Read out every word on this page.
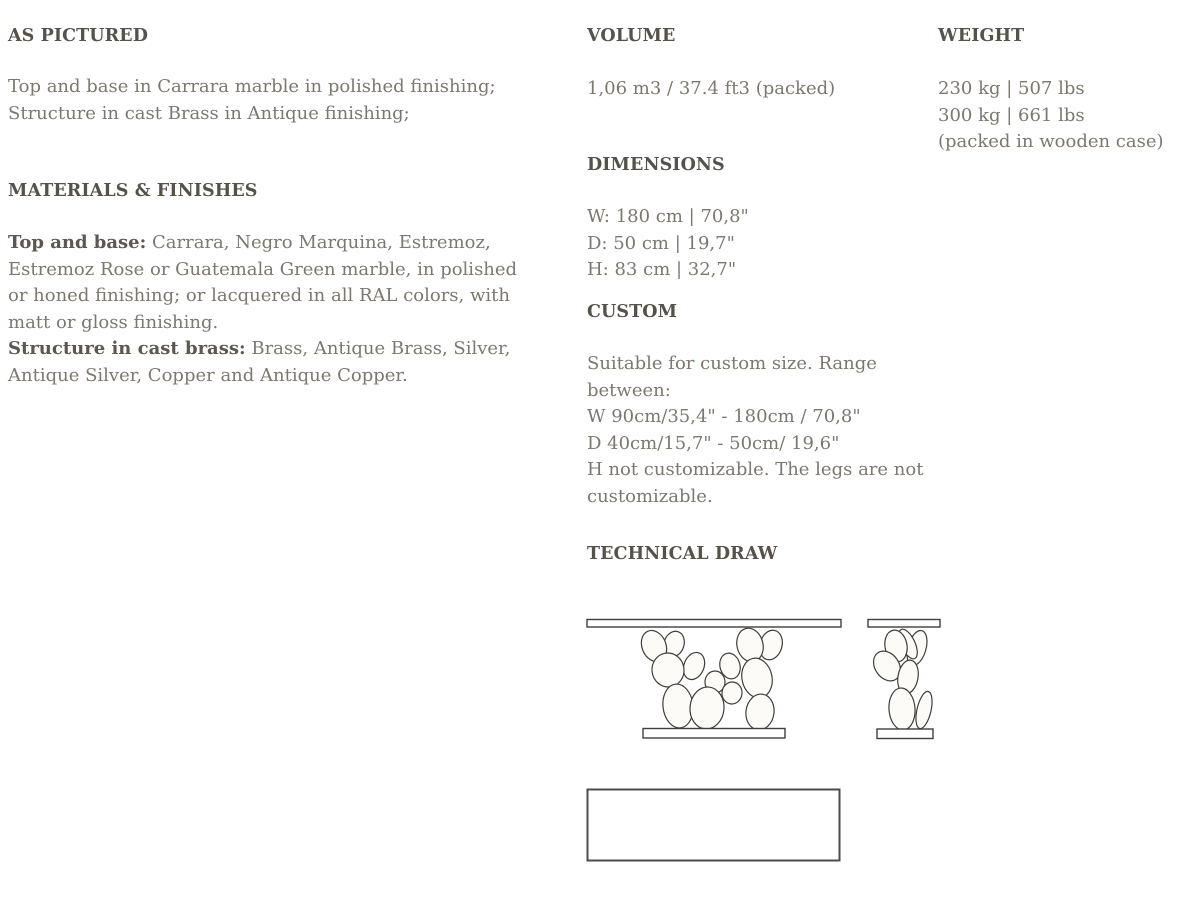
AS PICTURED
Top and base in Carrara marble in polished finishing;
Structure in cast Brass in Antique finishing;
MATERIALS & FINISHES
Top and base: Carrara, Negro Marquina, Estremoz,
Estremoz Rose or Guatemala Green marble, in polished
or honed finishing; or lacquered in all RAL colors, with
matt or gloss finishing.
Structure in cast brass: Brass, Antique Brass, Silver,
Antique Silver, Copper and Antique Copper.
VOLUME
1,06 m3 / 37.4 ft3 (packed)
DIMENSIONS
W: 180 cm | 70,8"
D: 50 cm | 19,7"
H: 83 cm | 32,7"
CUSTOM
Suitable for custom size. Range
between:
W 90cm/35,4" - 180cm / 70,8"
D 40cm/15,7" - 50cm/ 19,6"
H not customizable. The legs are not
customizable.
TECHNICAL DRAW
WEIGHT
230 kg | 507 lbs
300 kg | 661 lbs
(packed in wooden case)
